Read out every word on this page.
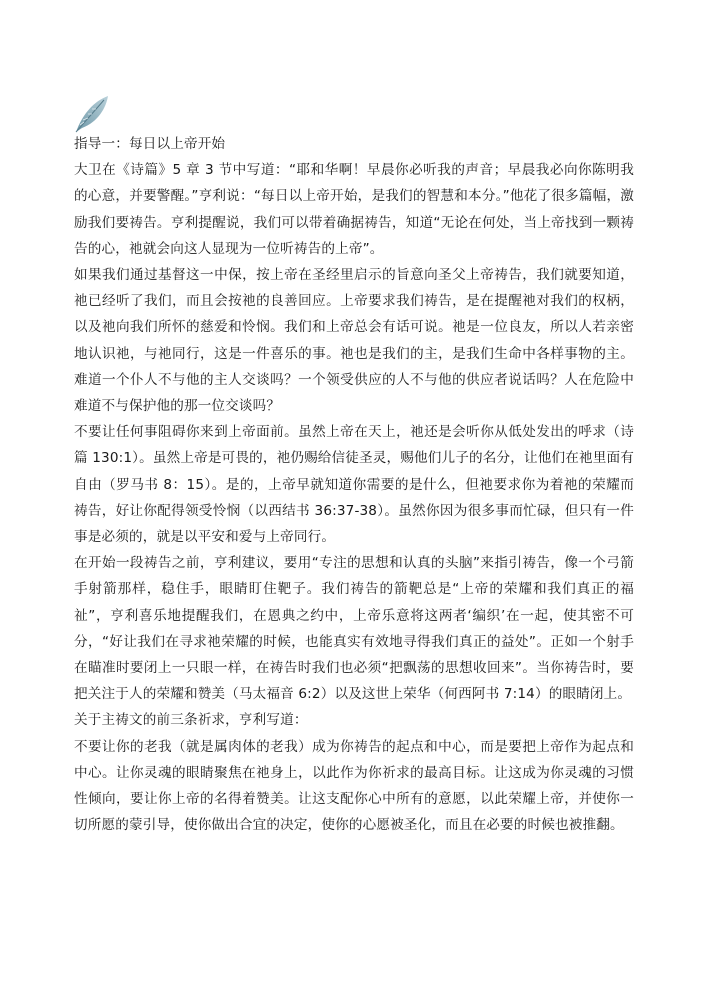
指导一：每日以上帝开始

大卫在《诗篇》5 章 3 节中写道：“耶和华啊！早晨你必听我的声音；早晨我必向你陈明我的心意，并要警醒。”亨利说：“每日以上帝开始，是我们的智慧和本分。”他花了很多篇幅，激励我们要祷告。亨利提醒说，我们可以带着确据祷告，知道“无论在何处，当上帝找到一颗祷告的心，祂就会向这人显现为一位听祷告的上帝”。

如果我们通过基督这一中保，按上帝在圣经里启示的旨意向圣父上帝祷告，我们就要知道，祂已经听了我们，而且会按祂的良善回应。上帝要求我们祷告，是在提醒祂对我们的权柄，以及祂向我们所怀的慈爱和怜悯。我们和上帝总会有话可说。祂是一位良友，所以人若亲密地认识祂，与祂同行，这是一件喜乐的事。祂也是我们的主，是我们生命中各样事物的主。难道一个仆人不与他的主人交谈吗？一个领受供应的人不与他的供应者说话吗？人在危险中难道不与保护他的那一位交谈吗？

不要让任何事阻碍你来到上帝面前。虽然上帝在天上，祂还是会听你从低处发出的呼求（诗篇 130:1）。虽然上帝是可畏的，祂仍赐给信徒圣灵，赐他们儿子的名分，让他们在祂里面有自由（罗马书 8：15）。是的，上帝早就知道你需要的是什么，但祂要求你为着祂的荣耀而祷告，好让你配得领受怜悯（以西结书 36:37-38）。虽然你因为很多事而忙碌，但只有一件事是必须的，就是以平安和爱与上帝同行。

在开始一段祷告之前，亨利建议，要用“专注的思想和认真的头脑”来指引祷告，像一个弓箭手射箭那样，稳住手，眼睛盯住靶子。我们祷告的箭靶总是“上帝的荣耀和我们真正的福祉”，亨利喜乐地提醒我们，在恩典之约中，上帝乐意将这两者‘编织’在一起，使其密不可分，“好让我们在寻求祂荣耀的时候，也能真实有效地寻得我们真正的益处”。正如一个射手在瞄准时要闭上一只眼一样，在祷告时我们也必须“把飘荡的思想收回来”。当你祷告时，要把关注于人的荣耀和赞美（马太福音 6:2）以及这世上荣华（何西阿书 7:14）的眼睛闭上。

关于主祷文的前三条祈求，亨利写道：

不要让你的老我（就是属肉体的老我）成为你祷告的起点和中心，而是要把上帝作为起点和中心。让你灵魂的眼睛聚焦在祂身上，以此作为你祈求的最高目标。让这成为你灵魂的习惯性倾向，要让你上帝的名得着赞美。让这支配你心中所有的意愿，以此荣耀上帝，并使你一切所愿的蒙引导，使你做出合宜的决定，使你的心愿被圣化，而且在必要的时候也被推翻。
